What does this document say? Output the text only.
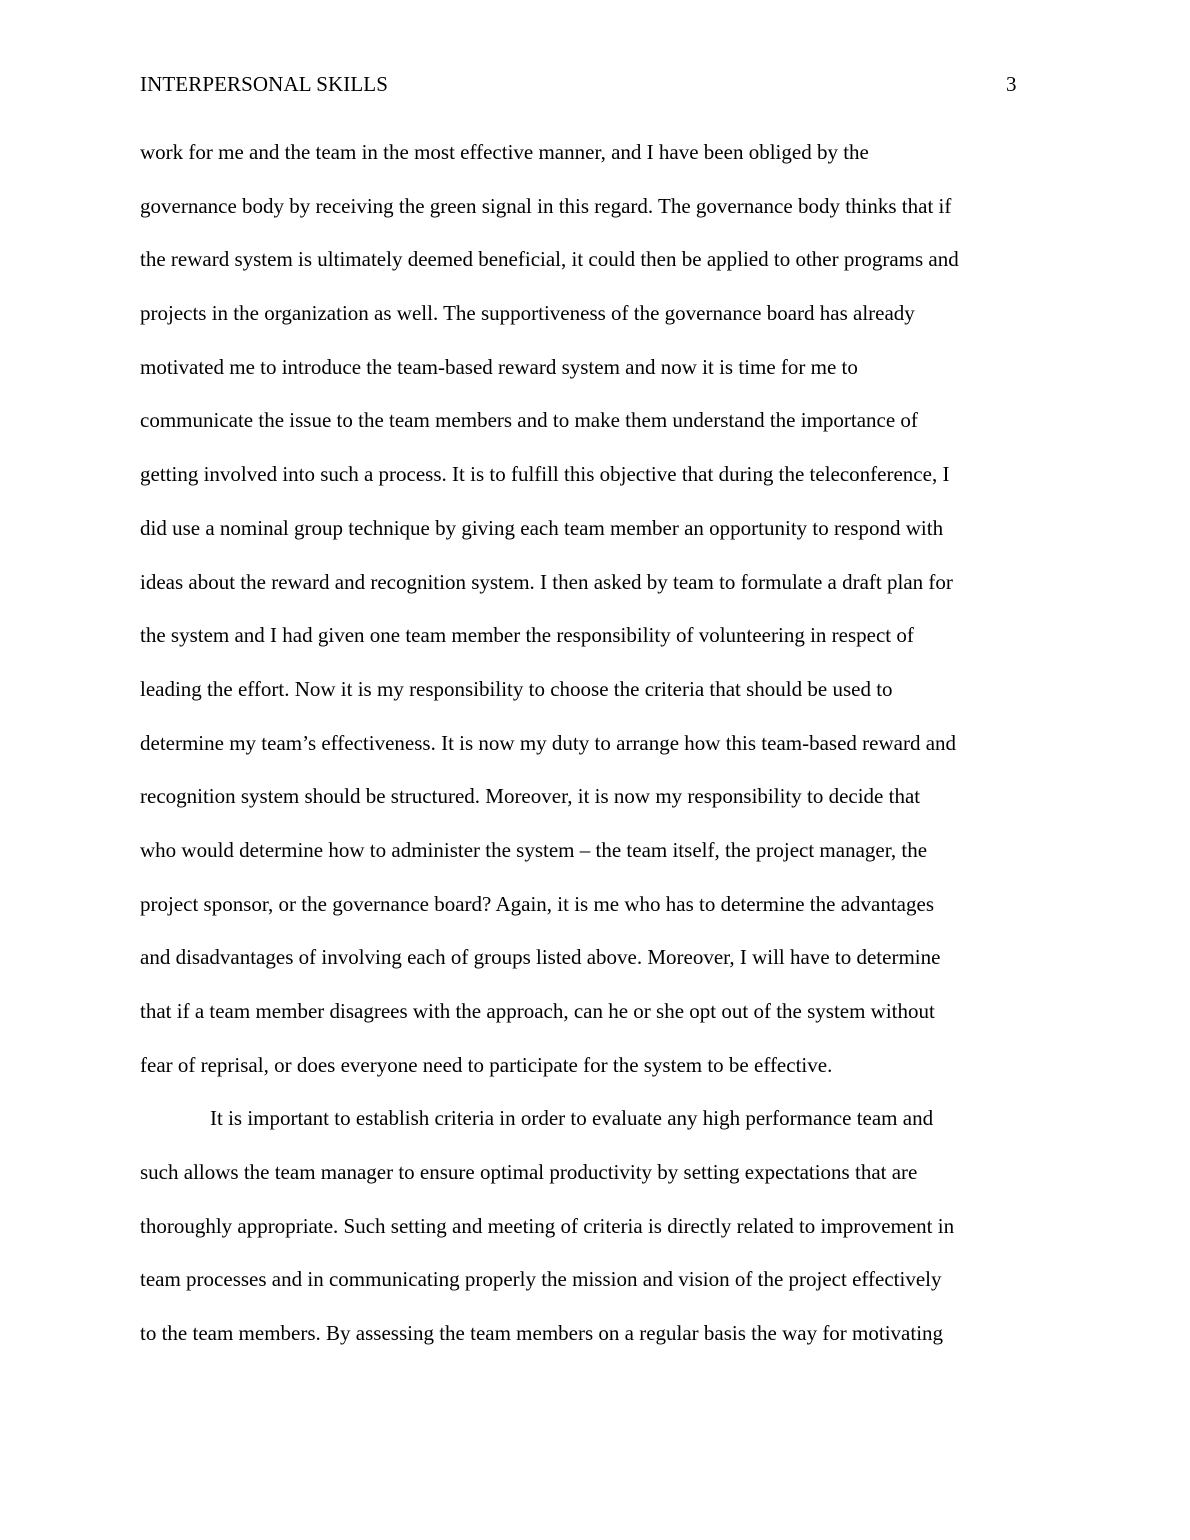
INTERPERSONAL SKILLS	3
work for me and the team in the most effective manner, and I have been obliged by the
governance body by receiving the green signal in this regard. The governance body thinks that if
the reward system is ultimately deemed beneficial, it could then be applied to other programs and
projects in the organization as well. The supportiveness of the governance board has already
motivated me to introduce the team-based reward system and now it is time for me to
communicate the issue to the team members and to make them understand the importance of
getting involved into such a process. It is to fulfill this objective that during the teleconference, I
did use a nominal group technique by giving each team member an opportunity to respond with
ideas about the reward and recognition system. I then asked by team to formulate a draft plan for
the system and I had given one team member the responsibility of volunteering in respect of
leading the effort. Now it is my responsibility to choose the criteria that should be used to
determine my team’s effectiveness. It is now my duty to arrange how this team-based reward and
recognition system should be structured. Moreover, it is now my responsibility to decide that
who would determine how to administer the system – the team itself, the project manager, the
project sponsor, or the governance board? Again, it is me who has to determine the advantages
and disadvantages of involving each of groups listed above. Moreover, I will have to determine
that if a team member disagrees with the approach, can he or she opt out of the system without
fear of reprisal, or does everyone need to participate for the system to be effective.
It is important to establish criteria in order to evaluate any high performance team and
such allows the team manager to ensure optimal productivity by setting expectations that are
thoroughly appropriate. Such setting and meeting of criteria is directly related to improvement in
team processes and in communicating properly the mission and vision of the project effectively
to the team members. By assessing the team members on a regular basis the way for motivating
